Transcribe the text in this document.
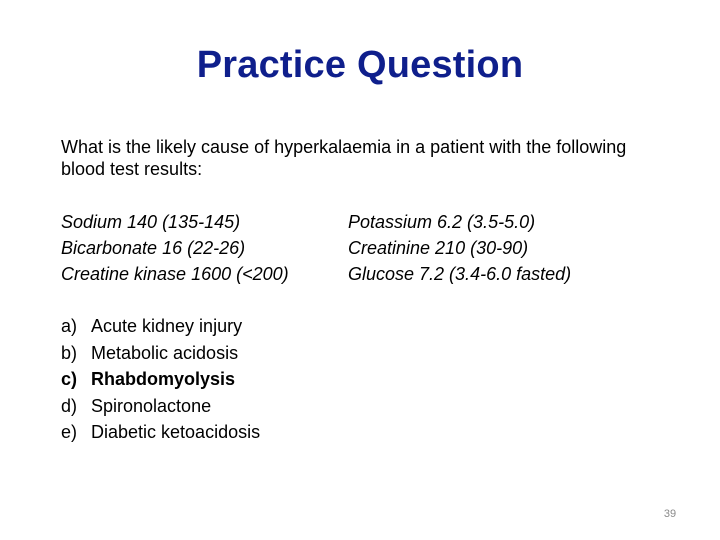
Practice Question
What is the likely cause of hyperkalaemia in a patient with the following blood test results:
Sodium 140 (135-145)
Bicarbonate 16 (22-26)
Creatine kinase 1600 (<200)
Potassium 6.2 (3.5-5.0)
Creatinine 210 (30-90)
Glucose 7.2 (3.4-6.0 fasted)
a) Acute kidney injury
b) Metabolic acidosis
c) Rhabdomyolysis
d) Spironolactone
e) Diabetic ketoacidosis
39
